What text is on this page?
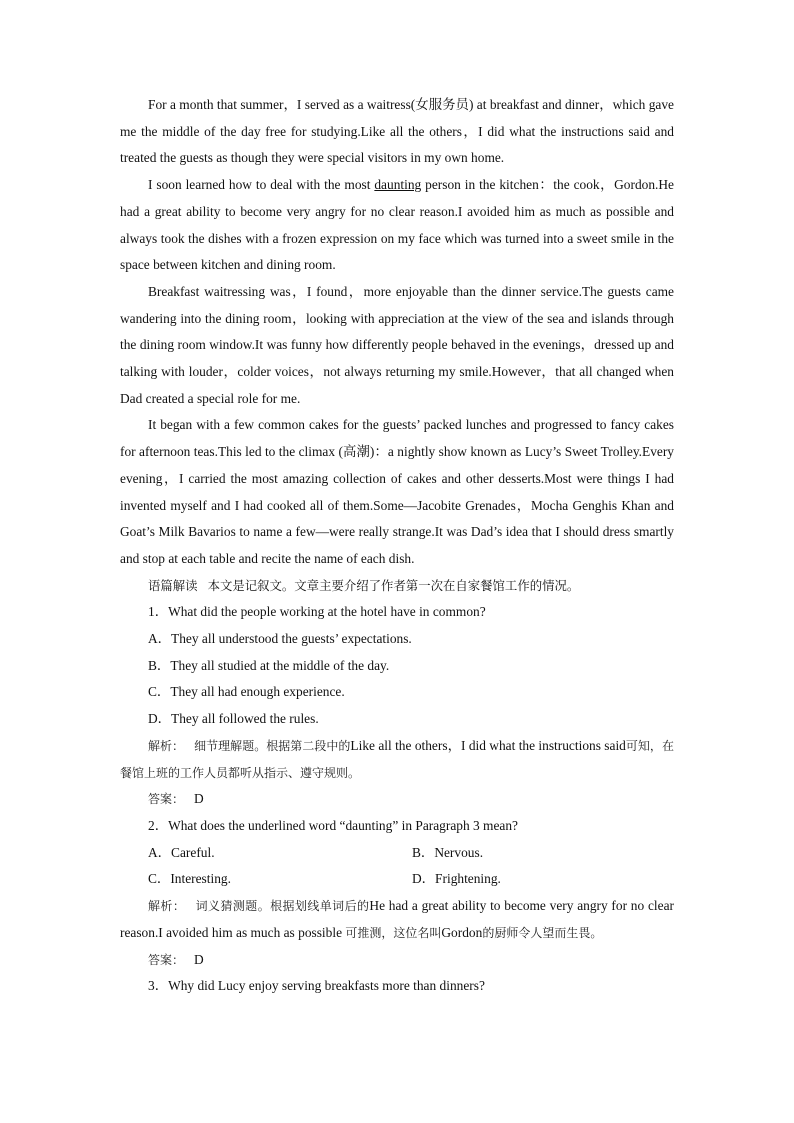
For a month that summer，I served as a waitress(女服务员) at breakfast and dinner，which gave me the middle of the day free for studying.Like all the others，I did what the instructions said and treated the guests as though they were special visitors in my own home.

I soon learned how to deal with the most daunting person in the kitchen：the cook，Gordon.He had a great ability to become very angry for no clear reason.I avoided him as much as possible and always took the dishes with a frozen expression on my face which was turned into a sweet smile in the space between kitchen and dining room.

Breakfast waitressing was，I found，more enjoyable than the dinner service.The guests came wandering into the dining room，looking with appreciation at the view of the sea and islands through the dining room window.It was funny how differently people behaved in the evenings，dressed up and talking with louder，colder voices，not always returning my smile.However，that all changed when Dad created a special role for me.

It began with a few common cakes for the guests’ packed lunches and progressed to fancy cakes for afternoon teas.This led to the climax (高潮)：a nightly show known as Lucy’s Sweet Trolley.Every evening，I carried the most amazing collection of cakes and other desserts.Most were things I had invented myself and I had cooked all of them.Some—Jacobite Grenades，Mocha Genghis Khan and Goat’s Milk Bavarios to name a few—were really strange.It was Dad’s idea that I should dress smartly and stop at each table and recite the name of each dish.

语篇解读 本文是记叙文。文章主要介绍了作者第一次在自家餐馆工作的情况。

1．What did the people working at the hotel have in common?

A．They all understood the guests’ expectations.

B．They all studied at the middle of the day.

C．They all had enough experience.

D．They all followed the rules.

解析： 细节理解题。根据第二段中的Like all the others，I did what the instructions said可知，在餐馆上班的工作人员都听从指示、遵守规则。

答案： D

2．What does the underlined word “daunting” in Paragraph 3 mean?

A．Careful.	B．Nervous.
C．Interesting.	D．Frightening.

解析： 词义猜测题。根据划线单词后的He had a great ability to become very angry for no clear reason.I avoided him as much as possible 可推测，这位名叫Gordon的厨师令人望而生畏。

答案： D

3．Why did Lucy enjoy serving breakfasts more than dinners?
